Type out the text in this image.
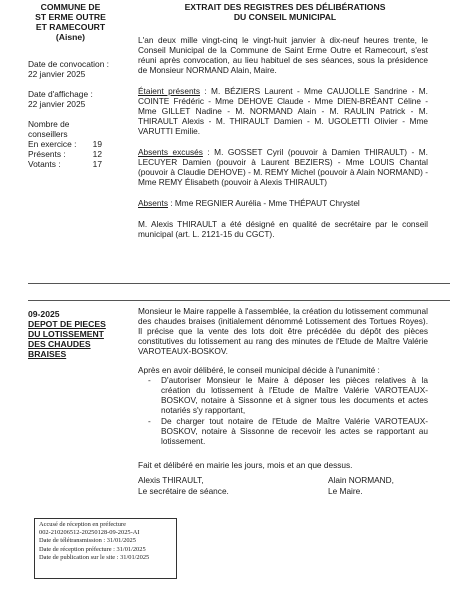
COMMUNE DE
ST ERME OUTRE
ET RAMECOURT
(Aisne)
Date de convocation :
22 janvier 2025
Date d'affichage :
22 janvier 2025
Nombre de
conseillers
En exercice :	19
Présents :	12
Votants :	17
EXTRAIT DES REGISTRES DES DÉLIBÉRATIONS
DU CONSEIL MUNICIPAL

L'an deux mille vingt-cinq le vingt-huit janvier à dix-neuf heures trente, le Conseil Municipal de la Commune de Saint Erme Outre et Ramecourt, s'est réuni après convocation, au lieu habituel de ses séances, sous la présidence de Monsieur NORMAND Alain, Maire.

Étaient présents : M. BÉZIERS Laurent - Mme CAUJOLLE Sandrine - M. COINTE Frédéric - Mme DEHOVE Claude - Mme DIEN-BRÉANT Céline - Mme GILLET Nadine - M. NORMAND Alain - M. RAULIN Patrick - M. THIRAULT Alexis - M. THIRAULT Damien - M. UGOLETTI Olivier - Mme VARUTTI Emilie.

Absents excusés : M. GOSSET Cyril (pouvoir à Damien THIRAULT) - M. LECUYER Damien (pouvoir à Laurent BEZIERS) - Mme LOUIS Chantal (pouvoir à Claudie DEHOVE) - M. REMY Michel (pouvoir à Alain NORMAND) - Mme REMY Élisabeth (pouvoir à Alexis THIRAULT)

Absents : Mme REGNIER Aurélia - Mme THÉPAUT Chrystel

M. Alexis THIRAULT a été désigné en qualité de secrétaire par le conseil municipal (art. L. 2121-15 du CGCT).

09-2025
DEPOT DE PIECES DU LOTISSEMENT DES CHAUDES BRAISES

Monsieur le Maire rappelle à l'assemblée, la création du lotissement communal des chaudes braises (initialement dénommé Lotissement des Tortues Royes). Il précise que la vente des lots doit être précédée du dépôt des pièces constitutives du lotissement au rang des minutes de l'Etude de Maître Valérie VAROTEAUX-BOSKOV.

Après en avoir délibéré, le conseil municipal décide à l'unanimité :

- D'autoriser Monsieur le Maire à déposer les pièces relatives à la création du lotissement à l'Etude de Maître Valérie VAROTEAUX-BOSKOV, notaire à Sissonne et à signer tous les documents et actes notariés s'y rapportant,
- De charger tout notaire de l'Etude de Maître Valérie VAROTEAUX-BOSKOV, notaire à Sissonne de recevoir les actes se rapportant au lotissement.

Fait et délibéré en mairie les jours, mois et an que dessus.

Alexis THIRAULT,
Le secrétaire de séance.
Alain NORMAND,
Le Maire.
Accusé de réception en préfecture
002-210206512-20250128-09-2025-AI
Date de télétransmission : 31/01/2025
Date de réception préfecture : 31/01/2025
Date de publication sur le site : 31/01/2025
